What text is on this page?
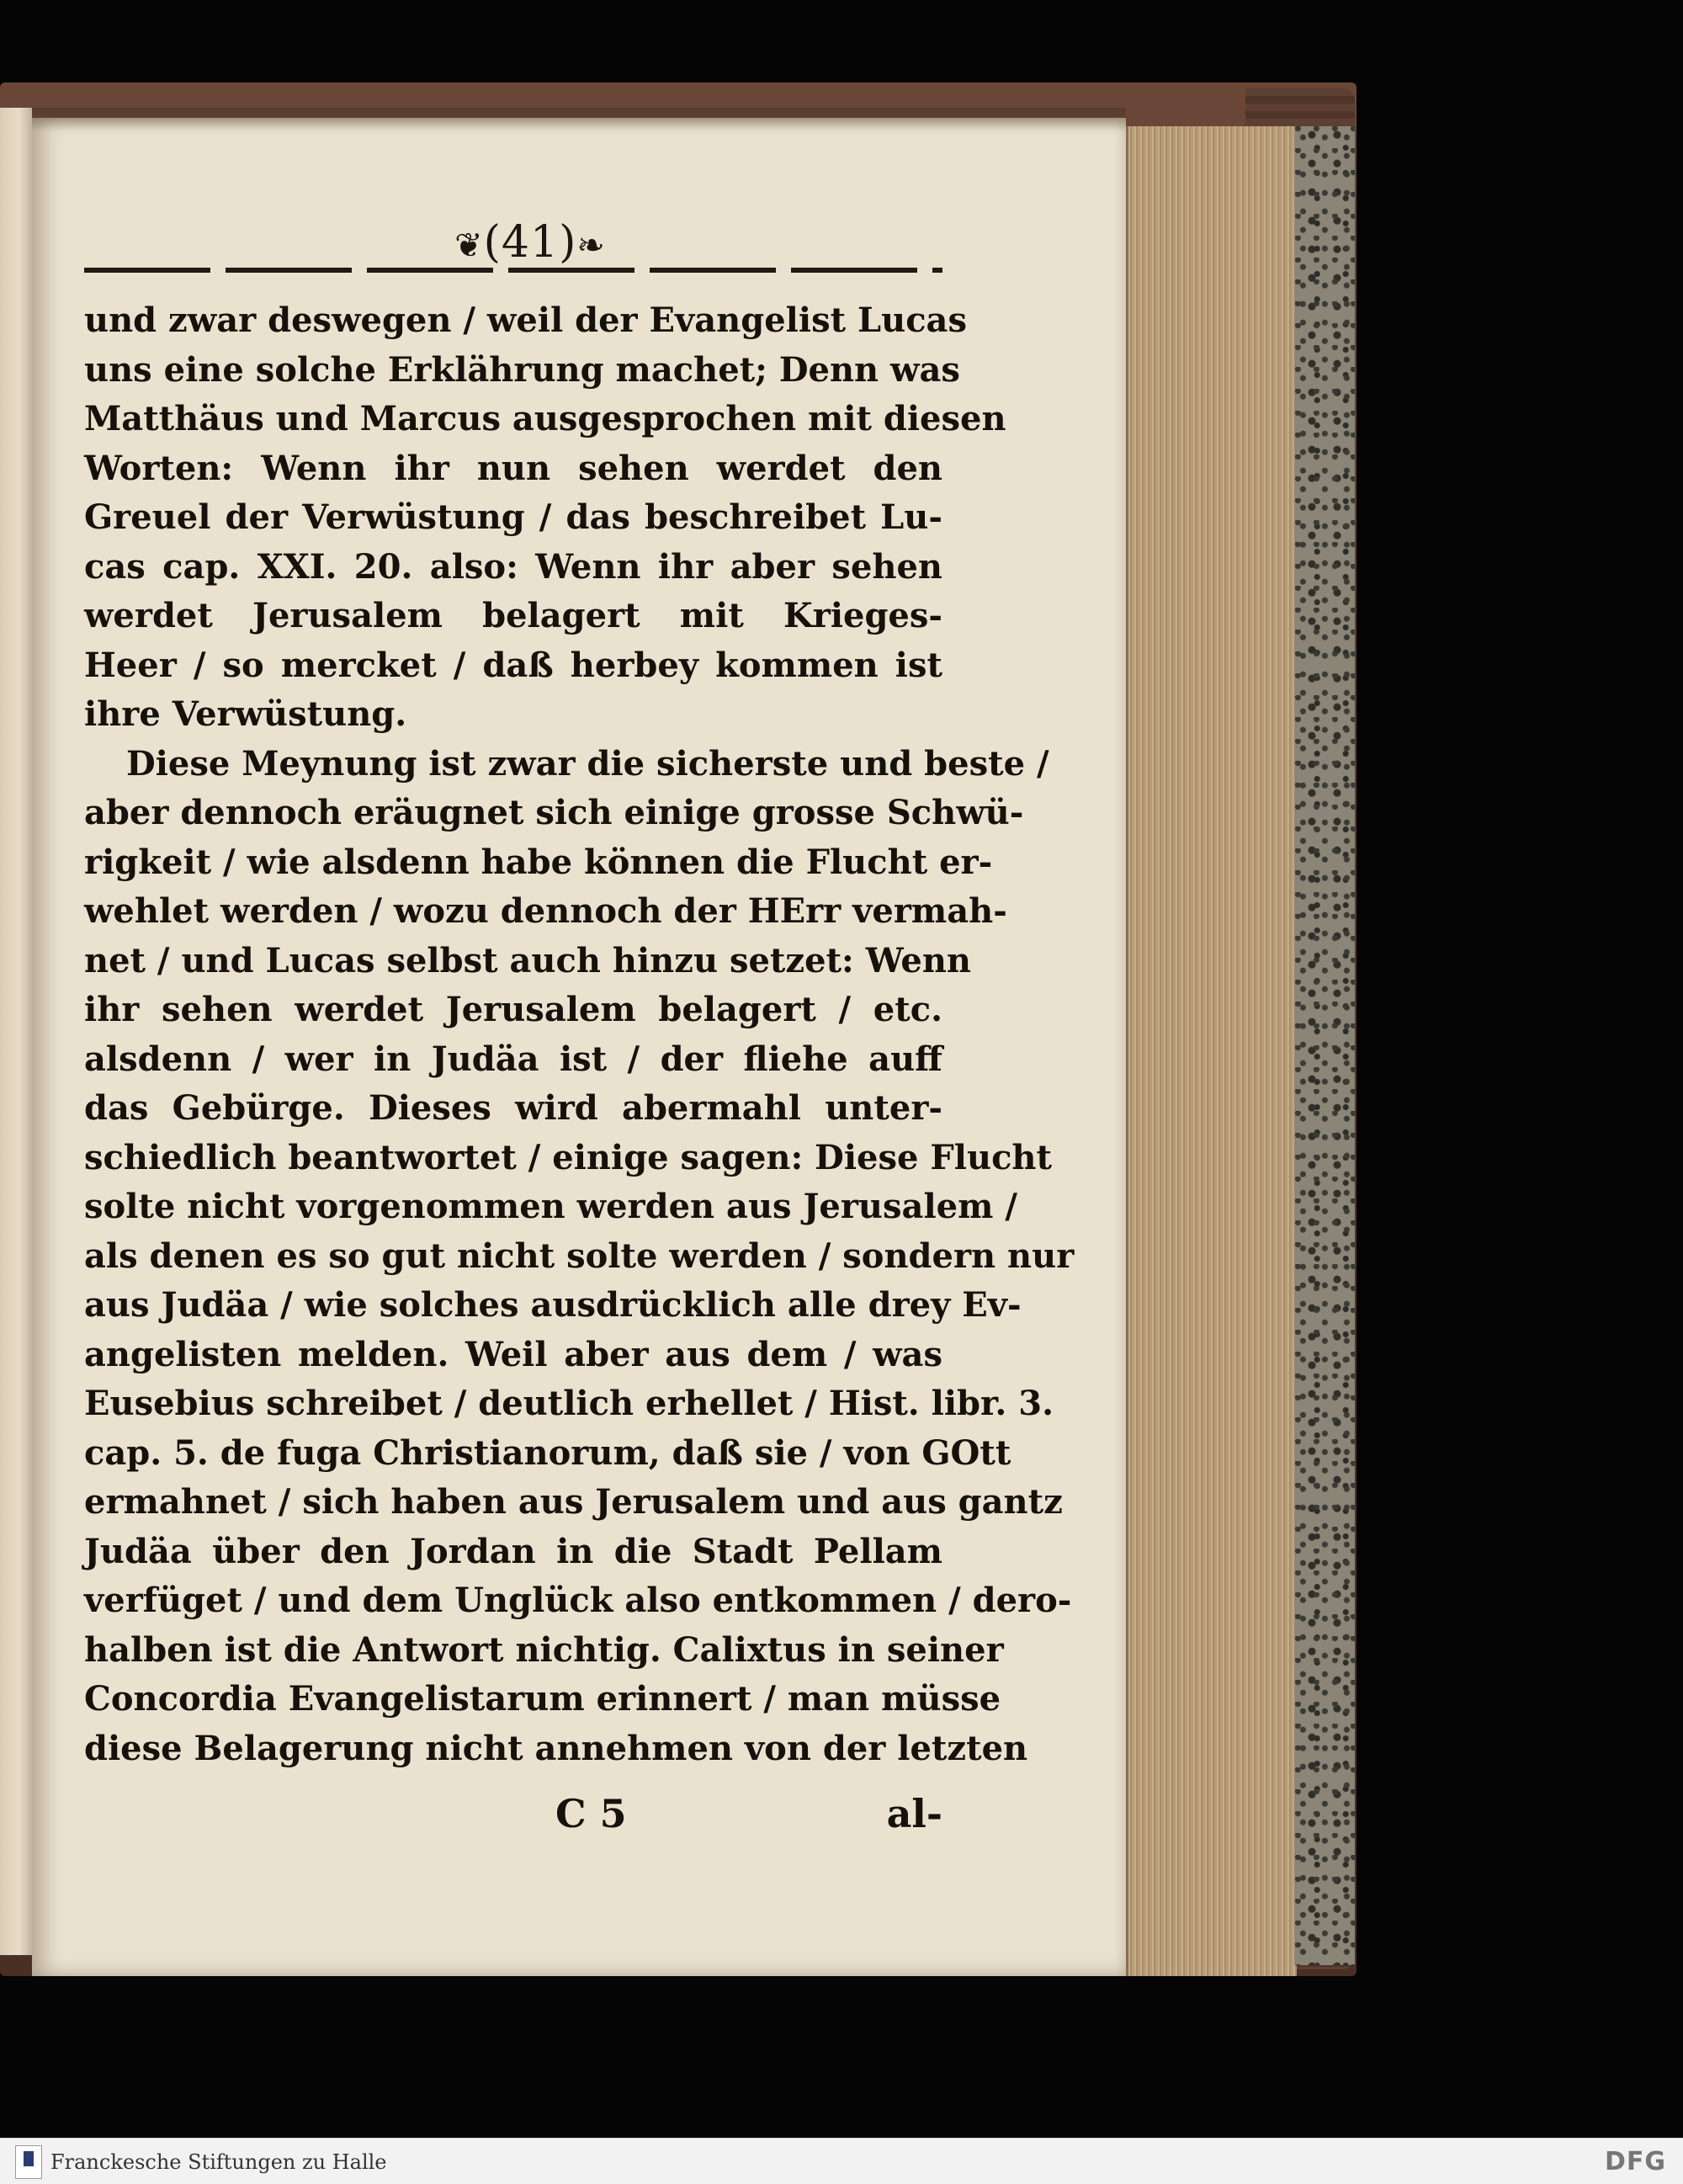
❦(41)❧
und zwar deswegen / weil der Evangelist Lucas
uns eine solche Erklährung machet; Denn was
Matthäus und Marcus ausgesprochen mit diesen
Worten: Wenn ihr nun sehen werdet den
Greuel der Verwüstung / das beschreibet Lu-
cas cap. XXI. 20. also: Wenn ihr aber sehen
werdet Jerusalem belagert mit Krieges-
Heer / so mercket / daß herbey kommen ist
ihre Verwüstung.
Diese Meynung ist zwar die sicherste und beste /
aber dennoch eräugnet sich einige grosse Schwü-
rigkeit / wie alsdenn habe können die Flucht er-
wehlet werden / wozu dennoch der HErr vermah-
net / und Lucas selbst auch hinzu setzet: Wenn
ihr sehen werdet Jerusalem belagert / etc.
alsdenn / wer in Judäa ist / der fliehe auff
das Gebürge. Dieses wird abermahl unter-
schiedlich beantwortet / einige sagen: Diese Flucht
solte nicht vorgenommen werden aus Jerusalem /
als denen es so gut nicht solte werden / sondern nur
aus Judäa / wie solches ausdrücklich alle drey Ev-
angelisten melden. Weil aber aus dem / was
Eusebius schreibet / deutlich erhellet / Hist. libr. 3.
cap. 5. de fuga Christianorum, daß sie / von GOtt
ermahnet / sich haben aus Jerusalem und aus gantz
Judäa über den Jordan in die Stadt Pellam
verfüget / und dem Unglück also entkommen / dero-
halben ist die Antwort nichtig. Calixtus in seiner
Concordia Evangelistarum erinnert / man müsse
diese Belagerung nicht annehmen von der letzten
C 5	al-
Franckesche Stiftungen zu Halle	DFG
